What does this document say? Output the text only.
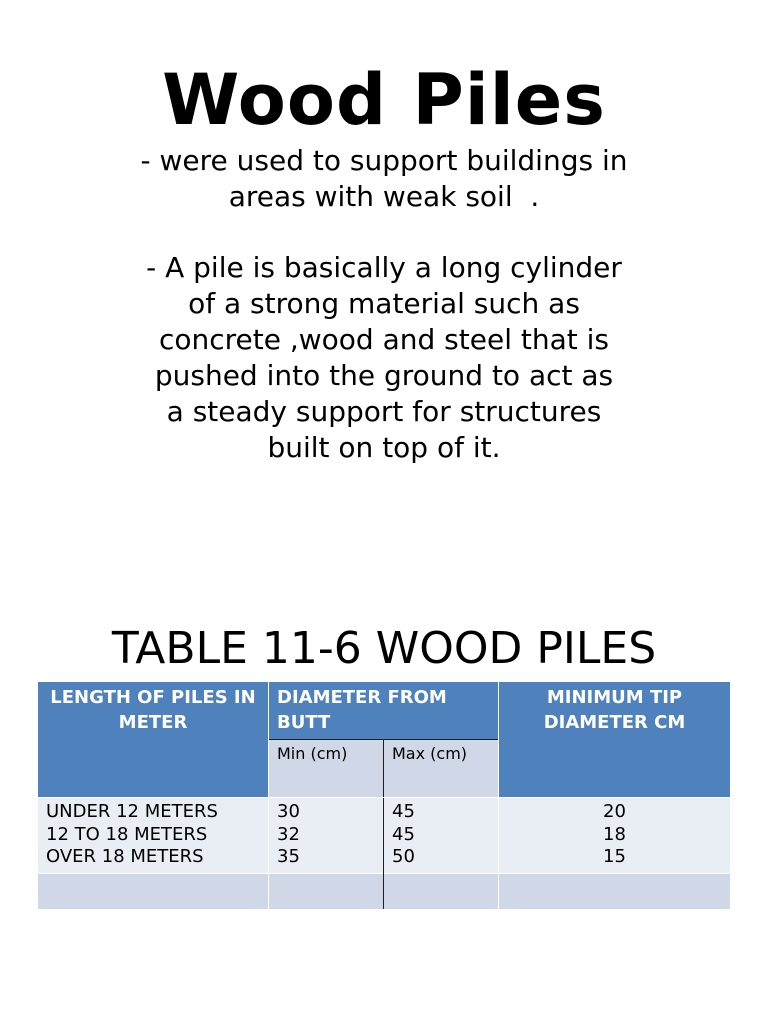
Wood Piles
- were used to support buildings in
areas with weak soil  .
- A pile is basically a long cylinder
of a strong material such as
concrete ,wood and steel that is
pushed into the ground to act as
a steady support for structures
built on top of it.
TABLE 11-6 WOOD PILES
LENGTH OF PILES IN METER
DIAMETER FROM BUTT
MINIMUM TIP DIAMETER CM
Min (cm)	Max (cm)
UNDER 12 METERS
12 TO 18 METERS
OVER 18 METERS
30
32
35
45
45
50
20
18
15
